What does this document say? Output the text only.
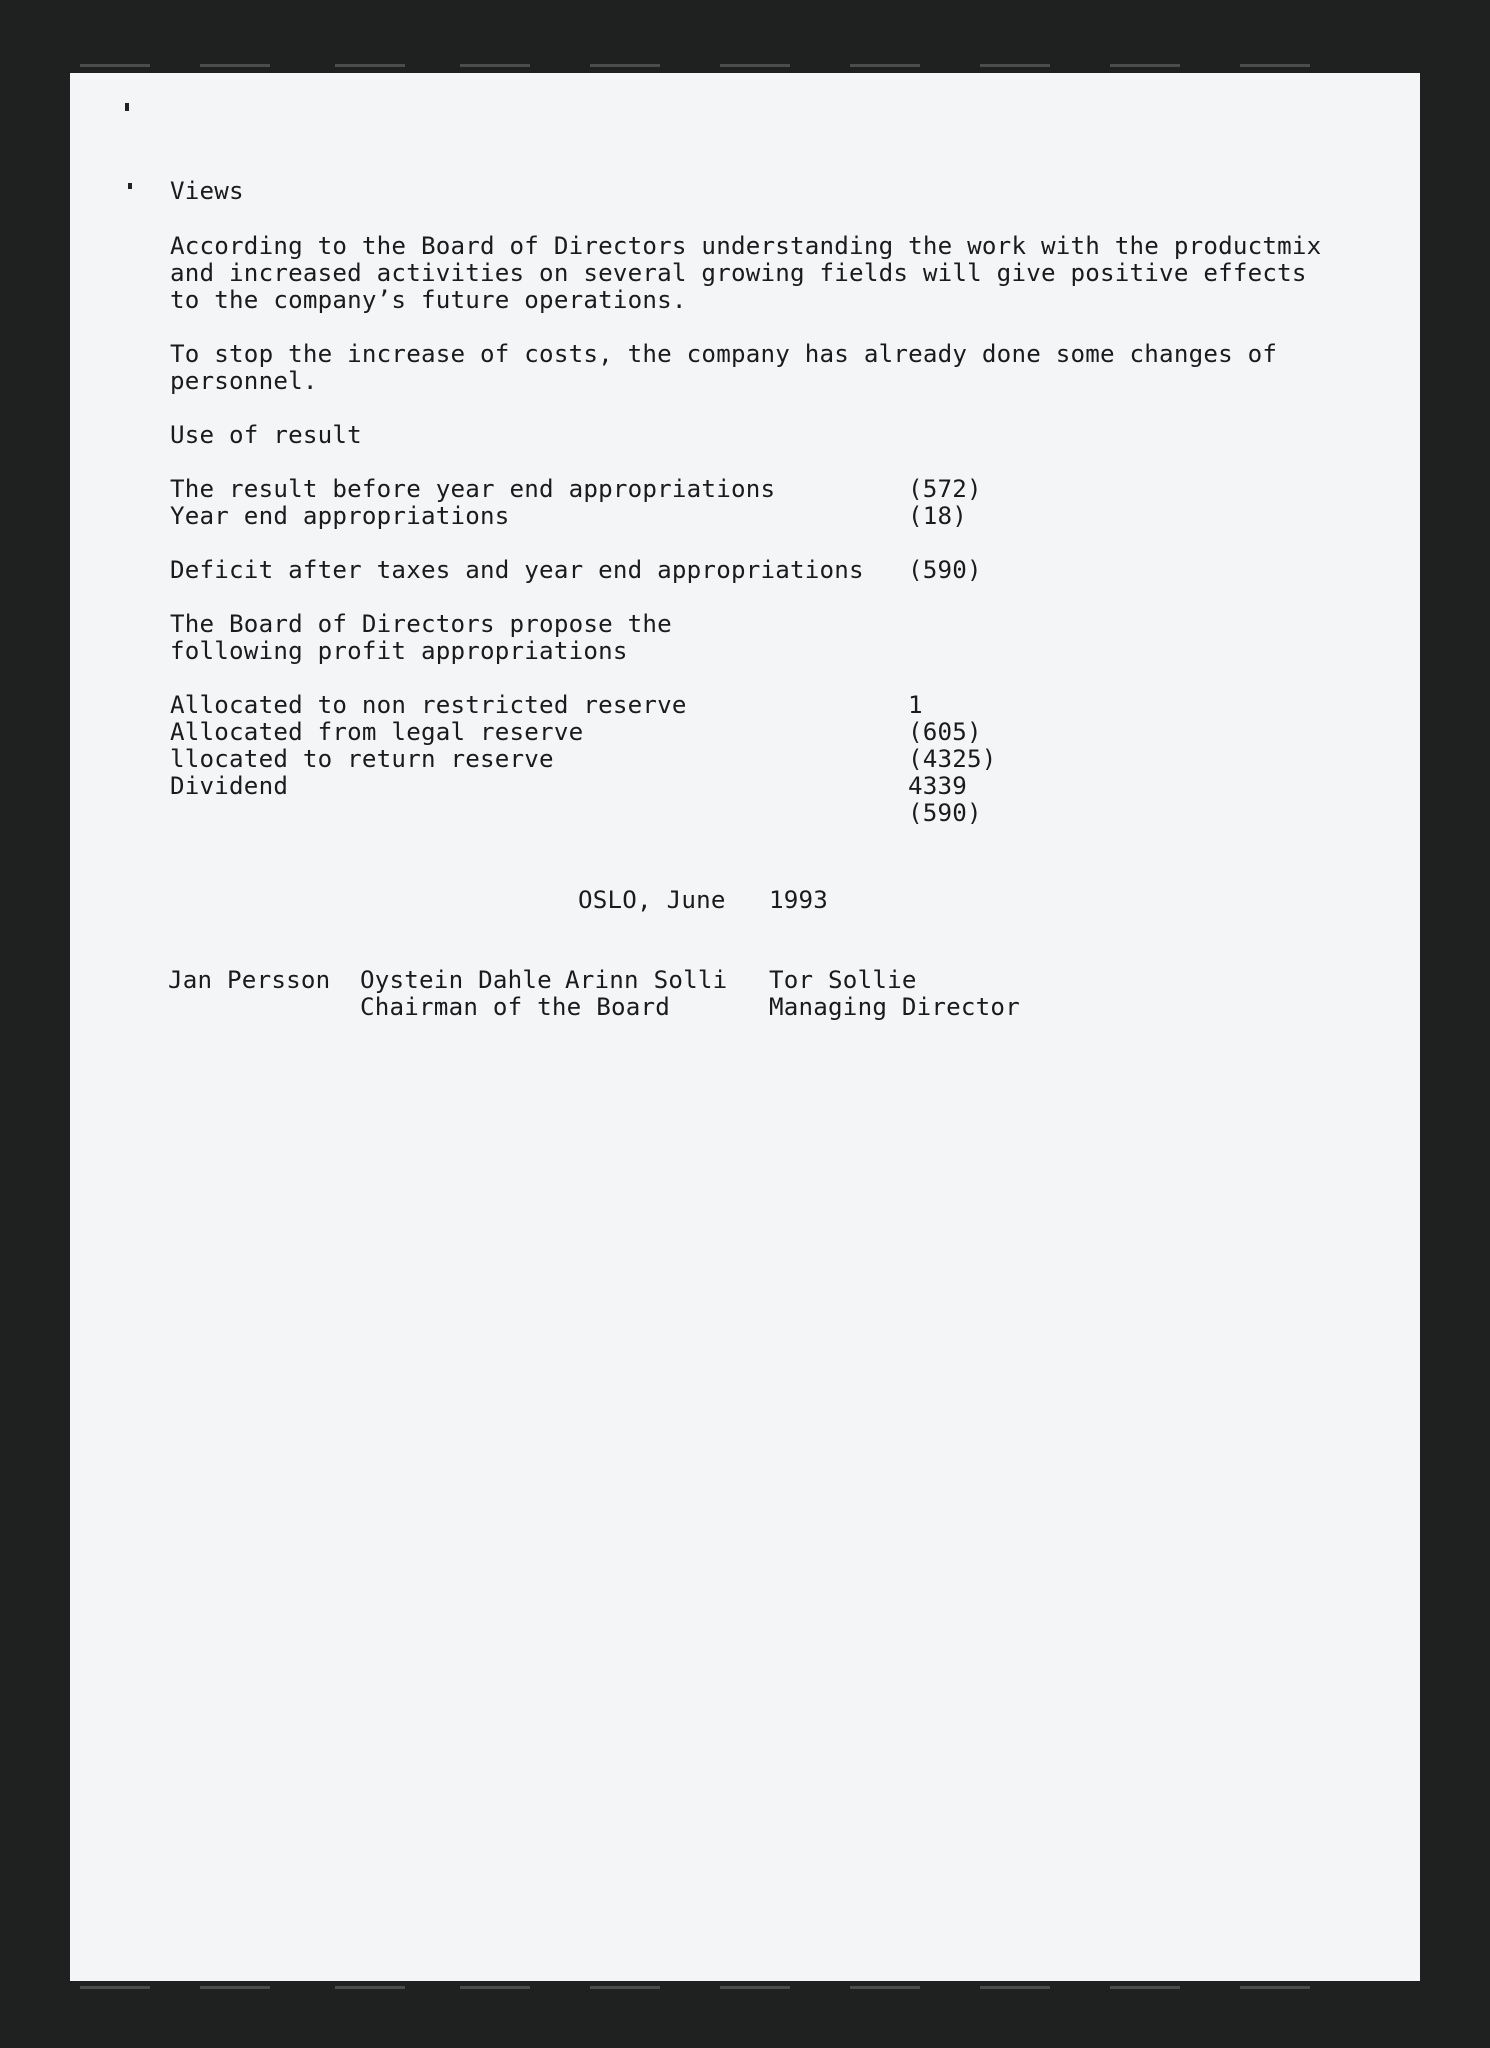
Views
According to the Board of Directors understanding the work with the productmix
and increased activities on several growing fields will give positive effects
to the company’s future operations.
To stop the increase of costs, the company has already done some changes of
personnel.
Use of result
The result before year end appropriations	(572)
Year end appropriations	(18)
Deficit after taxes and year end appropriations (590)
The Board of Directors propose the
following profit appropriations
Allocated to non restricted reserve	1
Allocated from legal reserve	(605)
llocated to return reserve	(4325)
Dividend	4339
(590)
OSLO, June 1993
Jan Persson Oystein Dahle Arinn Solli Tor Sollie
Chairman of the Board	Managing Director
